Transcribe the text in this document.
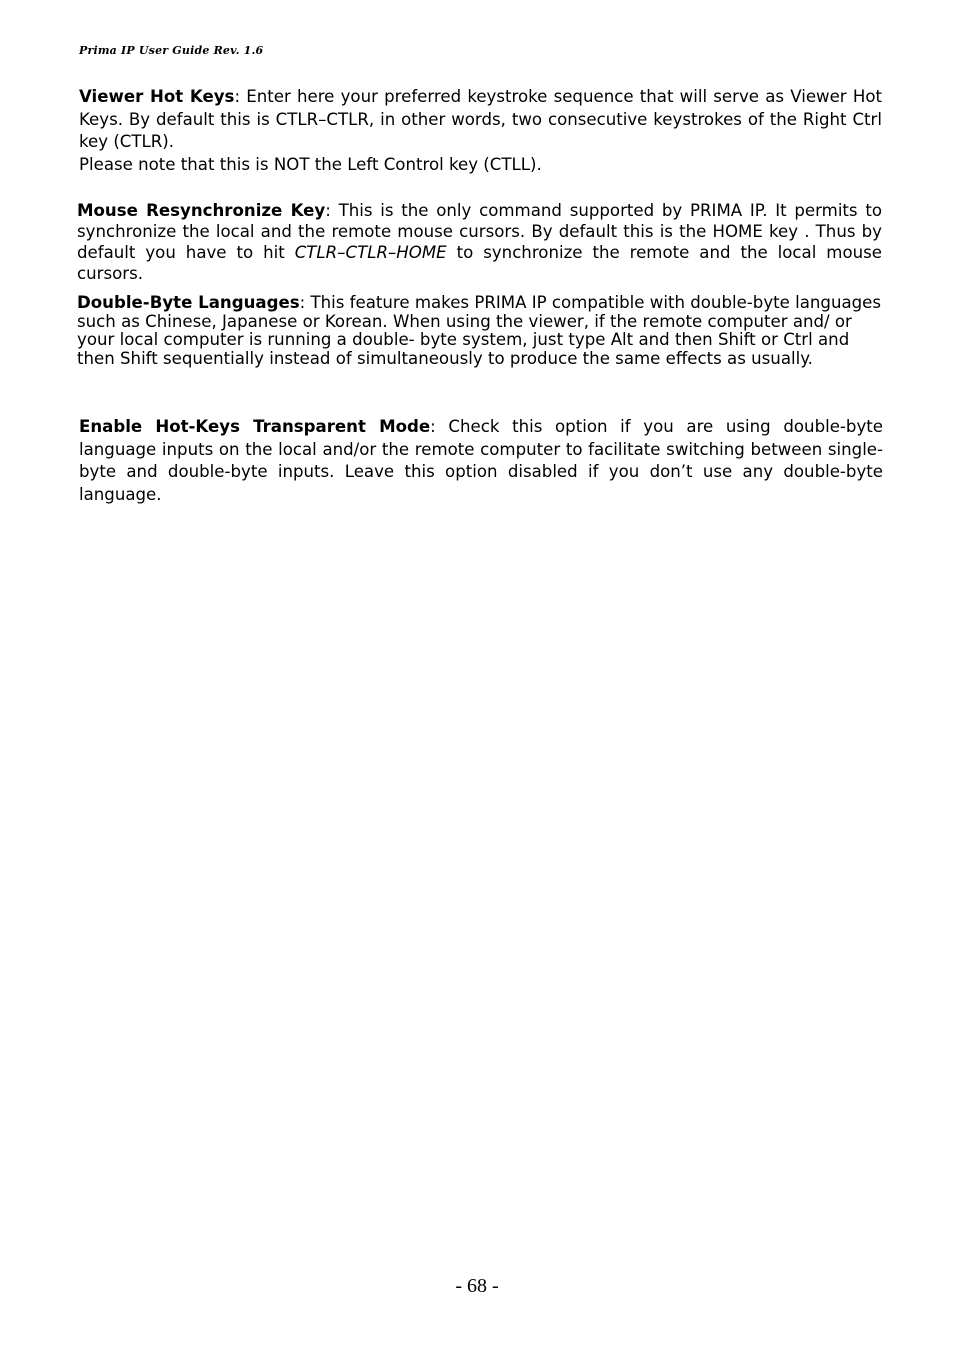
Prima IP User Guide Rev. 1.6

Viewer Hot Keys: Enter here your preferred keystroke sequence that will serve as Viewer Hot Keys. By default this is CTLR–CTLR, in other words, two consecutive keystrokes of the Right Ctrl key (CTLR).
Please note that this is NOT the Left Control key (CTLL).

Mouse Resynchronize Key: This is the only command supported by PRIMA IP. It permits to synchronize the local and the remote mouse cursors. By default this is the HOME key . Thus by default you have to hit CTLR–CTLR–HOME to synchronize the remote and the local mouse cursors.

Double-Byte Languages: This feature makes PRIMA IP compatible with double-byte languages such as Chinese, Japanese or Korean. When using the viewer, if the remote computer and/ or your local computer is running a double- byte system, just type Alt and then Shift or Ctrl and then Shift sequentially instead of simultaneously to produce the same effects as usually.

Enable Hot-Keys Transparent Mode: Check this option if you are using double-byte language inputs on the local and/or the remote computer to facilitate switching between single-byte and double-byte inputs. Leave this option disabled if you don’t use any double-byte language.

- 68 -
